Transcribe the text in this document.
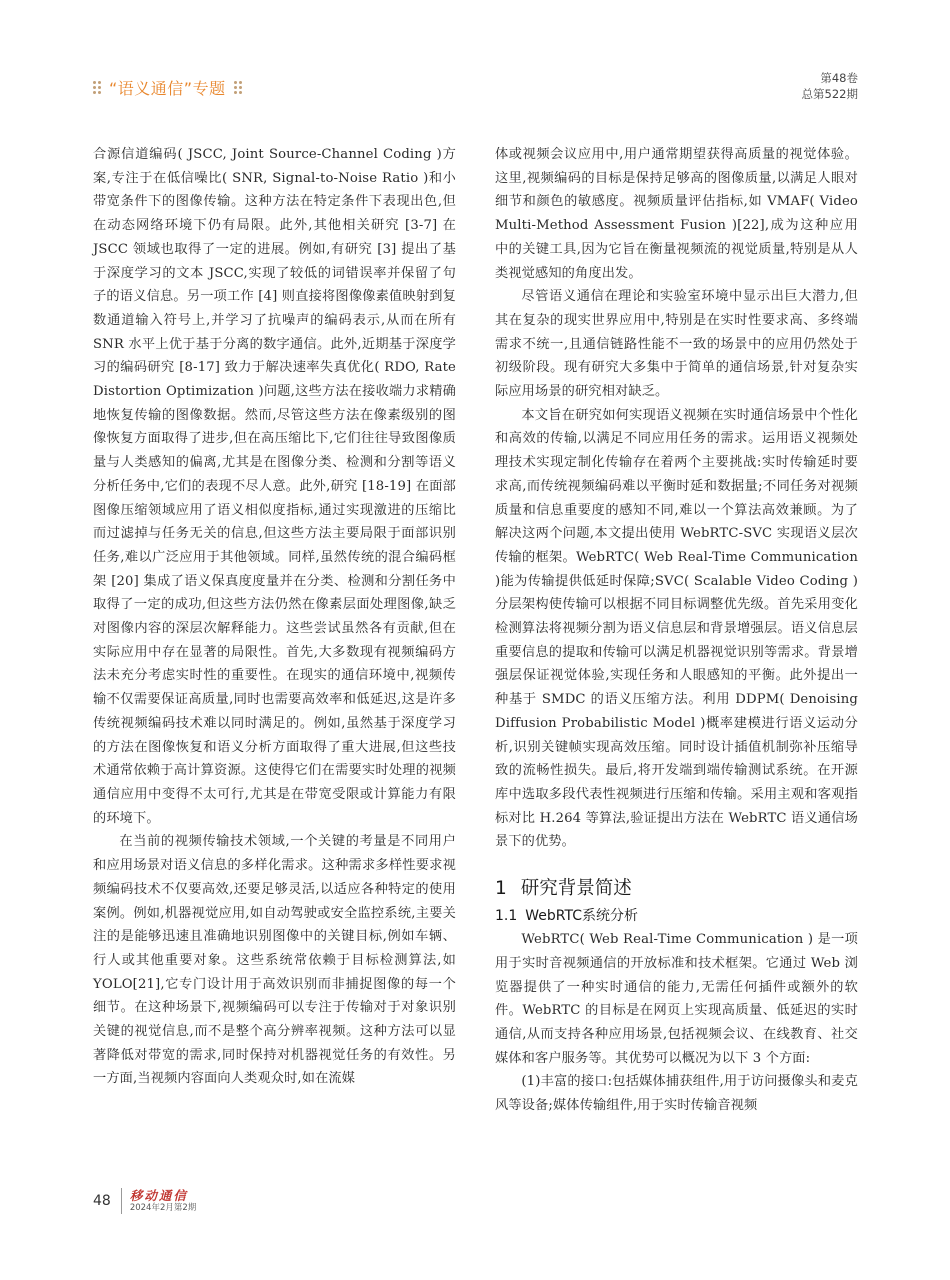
“语义通信”专题
第48卷
总第522期

合源信道编码( JSCC, Joint Source-Channel Coding )方案,专注于在低信噪比( SNR, Signal-to-Noise Ratio )和小带宽条件下的图像传输。这种方法在特定条件下表现出色,但在动态网络环境下仍有局限。此外,其他相关研究 [3-7] 在 JSCC 领域也取得了一定的进展。例如,有研究 [3] 提出了基于深度学习的文本 JSCC,实现了较低的词错误率并保留了句子的语义信息。另一项工作 [4] 则直接将图像像素值映射到复数通道输入符号上,并学习了抗噪声的编码表示,从而在所有 SNR 水平上优于基于分离的数字通信。此外,近期基于深度学习的编码研究 [8-17] 致力于解决速率失真优化( RDO, Rate Distortion Optimization )问题,这些方法在接收端力求精确地恢复传输的图像数据。然而,尽管这些方法在像素级别的图像恢复方面取得了进步,但在高压缩比下,它们往往导致图像质量与人类感知的偏离,尤其是在图像分类、检测和分割等语义分析任务中,它们的表现不尽人意。此外,研究 [18-19] 在面部图像压缩领域应用了语义相似度指标,通过实现激进的压缩比而过滤掉与任务无关的信息,但这些方法主要局限于面部识别任务,难以广泛应用于其他领域。同样,虽然传统的混合编码框架 [20] 集成了语义保真度度量并在分类、检测和分割任务中取得了一定的成功,但这些方法仍然在像素层面处理图像,缺乏对图像内容的深层次解释能力。这些尝试虽然各有贡献,但在实际应用中存在显著的局限性。首先,大多数现有视频编码方法未充分考虑实时性的重要性。在现实的通信环境中,视频传输不仅需要保证高质量,同时也需要高效率和低延迟,这是许多传统视频编码技术难以同时满足的。例如,虽然基于深度学习的方法在图像恢复和语义分析方面取得了重大进展,但这些技术通常依赖于高计算资源。这使得它们在需要实时处理的视频通信应用中变得不太可行,尤其是在带宽受限或计算能力有限的环境下。

在当前的视频传输技术领域,一个关键的考量是不同用户和应用场景对语义信息的多样化需求。这种需求多样性要求视频编码技术不仅要高效,还要足够灵活,以适应各种特定的使用案例。例如,机器视觉应用,如自动驾驶或安全监控系统,主要关注的是能够迅速且准确地识别图像中的关键目标,例如车辆、行人或其他重要对象。这些系统常依赖于目标检测算法,如 YOLO[21],它专门设计用于高效识别而非捕捉图像的每一个细节。在这种场景下,视频编码可以专注于传输对于对象识别关键的视觉信息,而不是整个高分辨率视频。这种方法可以显著降低对带宽的需求,同时保持对机器视觉任务的有效性。另一方面,当视频内容面向人类观众时,如在流媒

体或视频会议应用中,用户通常期望获得高质量的视觉体验。这里,视频编码的目标是保持足够高的图像质量,以满足人眼对细节和颜色的敏感度。视频质量评估指标,如 VMAF( Video Multi-Method Assessment Fusion )[22],成为这种应用中的关键工具,因为它旨在衡量视频流的视觉质量,特别是从人类视觉感知的角度出发。

尽管语义通信在理论和实验室环境中显示出巨大潜力,但其在复杂的现实世界应用中,特别是在实时性要求高、多终端需求不统一,且通信链路性能不一致的场景中的应用仍然处于初级阶段。现有研究大多集中于简单的通信场景,针对复杂实际应用场景的研究相对缺乏。

本文旨在研究如何实现语义视频在实时通信场景中个性化和高效的传输,以满足不同应用任务的需求。运用语义视频处理技术实现定制化传输存在着两个主要挑战:实时传输延时要求高,而传统视频编码难以平衡时延和数据量;不同任务对视频质量和信息重要度的感知不同,难以一个算法高效兼顾。为了解决这两个问题,本文提出使用 WebRTC-SVC 实现语义层次传输的框架。WebRTC( Web Real-Time Communication )能为传输提供低延时保障;SVC( Scalable Video Coding )分层架构使传输可以根据不同目标调整优先级。首先采用变化检测算法将视频分割为语义信息层和背景增强层。语义信息层重要信息的提取和传输可以满足机器视觉识别等需求。背景增强层保证视觉体验,实现任务和人眼感知的平衡。此外提出一种基于 SMDC 的语义压缩方法。利用 DDPM( Denoising Diffusion Probabilistic Model )概率建模进行语义运动分析,识别关键帧实现高效压缩。同时设计插值机制弥补压缩导致的流畅性损失。最后,将开发端到端传输测试系统。在开源库中选取多段代表性视频进行压缩和传输。采用主观和客观指标对比 H.264 等算法,验证提出方法在 WebRTC 语义通信场景下的优势。

1 研究背景简述
1.1 WebRTC系统分析

WebRTC( Web Real-Time Communication ) 是一项用于实时音视频通信的开放标准和技术框架。它通过 Web 浏览器提供了一种实时通信的能力,无需任何插件或额外的软件。WebRTC 的目标是在网页上实现高质量、低延迟的实时通信,从而支持各种应用场景,包括视频会议、在线教育、社交媒体和客户服务等。其优势可以概况为以下 3 个方面:

(1)丰富的接口:包括媒体捕获组件,用于访问摄像头和麦克风等设备;媒体传输组件,用于实时传输音视频

48 移动通信
2024年2月第2期
